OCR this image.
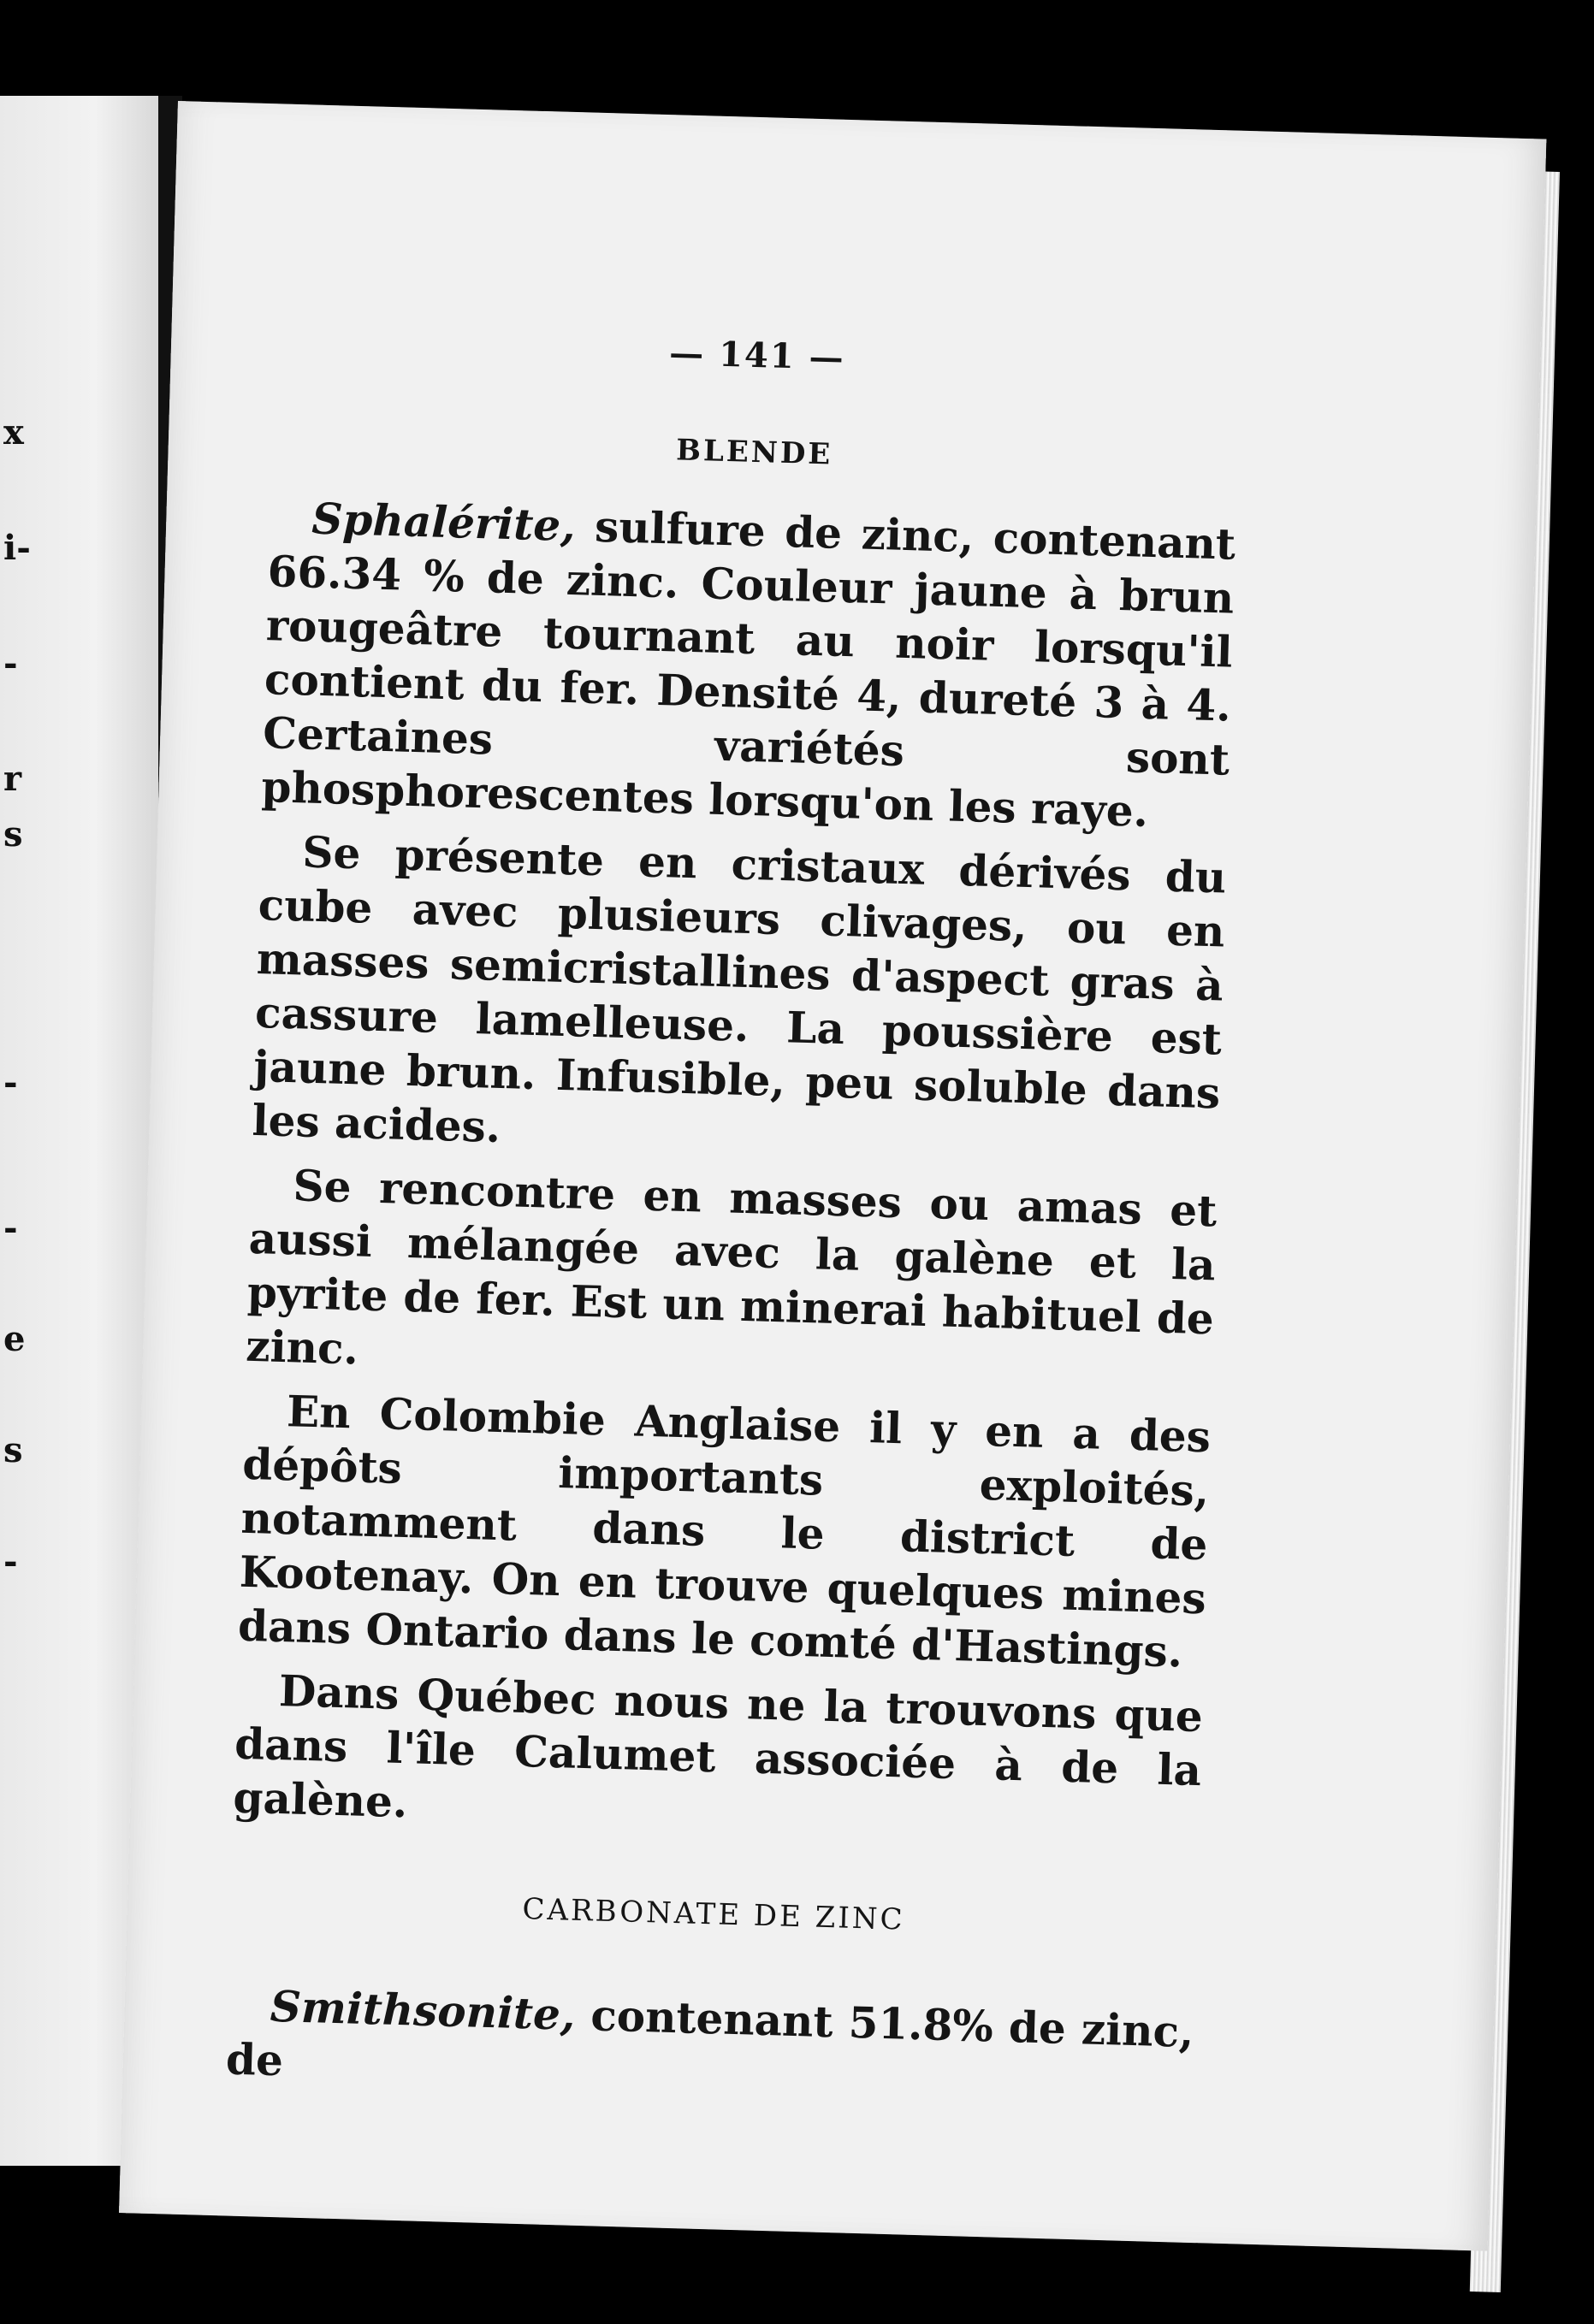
x
i-
-
r
s
-
-
e
s
-
— 141 —
BLENDE

Sphalérite, sulfure de zinc, contenant 66.34 % de zinc. Couleur jaune à brun rougeâtre tournant au noir lorsqu'il contient du fer. Densité 4, dureté 3 à 4. Certaines variétés sont phosphorescentes lorsqu'on les raye.

Se présente en cristaux dérivés du cube avec plusieurs clivages, ou en masses semicristallines d'aspect gras à cassure lamelleuse. La poussière est jaune brun. Infusible, peu soluble dans les acides.

Se rencontre en masses ou amas et aussi mélangée avec la galène et la pyrite de fer. Est un minerai habituel de zinc.

En Colombie Anglaise il y en a des dépôts importants exploités, notamment dans le district de Kootenay. On en trouve quelques mines dans Ontario dans le comté d'Hastings.

Dans Québec nous ne la trouvons que dans l'île Calumet associée à de la galène.

CARBONATE DE ZINC

Smithsonite, contenant 51.8% de zinc, de
